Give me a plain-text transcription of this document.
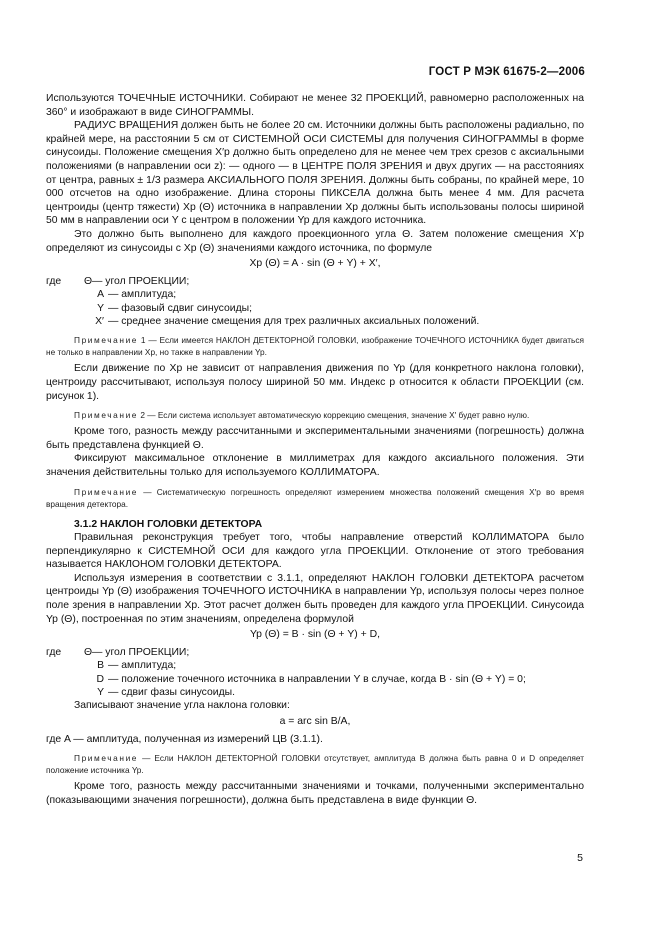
ГОСТ Р МЭК 61675-2—2006

Используются ТОЧЕЧНЫЕ ИСТОЧНИКИ. Собирают не менее 32 ПРОЕКЦИЙ, равномерно расположенных на 360° и изображают в виде СИНОГРАММЫ.

РАДИУС ВРАЩЕНИЯ должен быть не более 20 см. Источники должны быть расположены радиально, по крайней мере, на расстоянии 5 см от СИСТЕМНОЙ ОСИ СИСТЕМЫ для получения СИНОГРАММЫ в форме синусоиды. Положение смещения X′p должно быть определено для не менее чем трех срезов с аксиальными положениями (в направлении оси z): — одного — в ЦЕНТРЕ ПОЛЯ ЗРЕНИЯ и двух других — на расстояниях от центра, равных ± 1/3 размера АКСИАЛЬНОГО ПОЛЯ ЗРЕНИЯ. Должны быть собраны, по крайней мере, 10 000 отсчетов на одно изображение. Длина стороны ПИКСЕЛА должна быть менее 4 мм. Для расчета центроиды (центр тяжести) Xp (Θ) источника в направлении Xp должны быть использованы полосы шириной 50 мм в направлении оси Y с центром в положении Yp для каждого источника.

Это должно быть выполнено для каждого проекционного угла Θ. Затем положение смещения X′p определяют из синусоиды с Xp (Θ) значениями каждого источника, по формуле

Xp (Θ) = A · sin (Θ + Y) + X′,

где	Θ — угол ПРОЕКЦИИ;
A — амплитуда;
Y — фазовый сдвиг синусоиды;
X′ — среднее значение смещения для трех различных аксиальных положений.

Примечание 1 — Если имеется НАКЛОН ДЕТЕКТОРНОЙ ГОЛОВКИ, изображение ТОЧЕЧНОГО ИСТОЧНИКА будет двигаться не только в направлении Xp, но также в направлении Yp.

Если движение по Xp не зависит от направления движения по Yp (для конкретного наклона головки), центроиду рассчитывают, используя полосу шириной 50 мм. Индекс p относится к области ПРОЕКЦИИ (см. рисунок 1).

Примечание 2 — Если система использует автоматическую коррекцию смещения, значение X′ будет равно нулю.

Кроме того, разность между рассчитанными и экспериментальными значениями (погрешность) должна быть представлена функцией Θ.

Фиксируют максимальное отклонение в миллиметрах для каждого аксиального положения. Эти значения действительны только для используемого КОЛЛИМАТОРА.

Примечание — Систематическую погрешность определяют измерением множества положений смещения X′p во время вращения детектора.

3.1.2 НАКЛОН ГОЛОВКИ ДЕТЕКТОРА

Правильная реконструкция требует того, чтобы направление отверстий КОЛЛИМАТОРА было перпендикулярно к СИСТЕМНОЙ ОСИ для каждого угла ПРОЕКЦИИ. Отклонение от этого требования называется НАКЛОНОМ ГОЛОВКИ ДЕТЕКТОРА.

Используя измерения в соответствии с 3.1.1, определяют НАКЛОН ГОЛОВКИ ДЕТЕКТОРА расчетом центроиды Yp (Θ) изображения ТОЧЕЧНОГО ИСТОЧНИКА в направлении Yp, используя полосы через полное поле зрения в направлении Xp. Этот расчет должен быть проведен для каждого угла ПРОЕКЦИИ. Синусоида Yp (Θ), построенная по этим значениям, определена формулой

Yp (Θ) = B · sin (Θ + Y) + D,

где	Θ — угол ПРОЕКЦИИ;
B — амплитуда;
D — положение точечного источника в направлении Y в случае, когда B · sin (Θ + Y) = 0;
Y — сдвиг фазы синусоиды.

Записывают значение угла наклона головки:

a = arc sin B/A,

где A — амплитуда, полученная из измерений ЦВ (3.1.1).

Примечание — Если НАКЛОН ДЕТЕКТОРНОЙ ГОЛОВКИ отсутствует, амплитуда B должна быть равна 0 и D определяет положение источника Yp.

Кроме того, разность между рассчитанными значениями и точками, полученными экспериментально (показывающими значения погрешности), должна быть представлена в виде функции Θ.

5
